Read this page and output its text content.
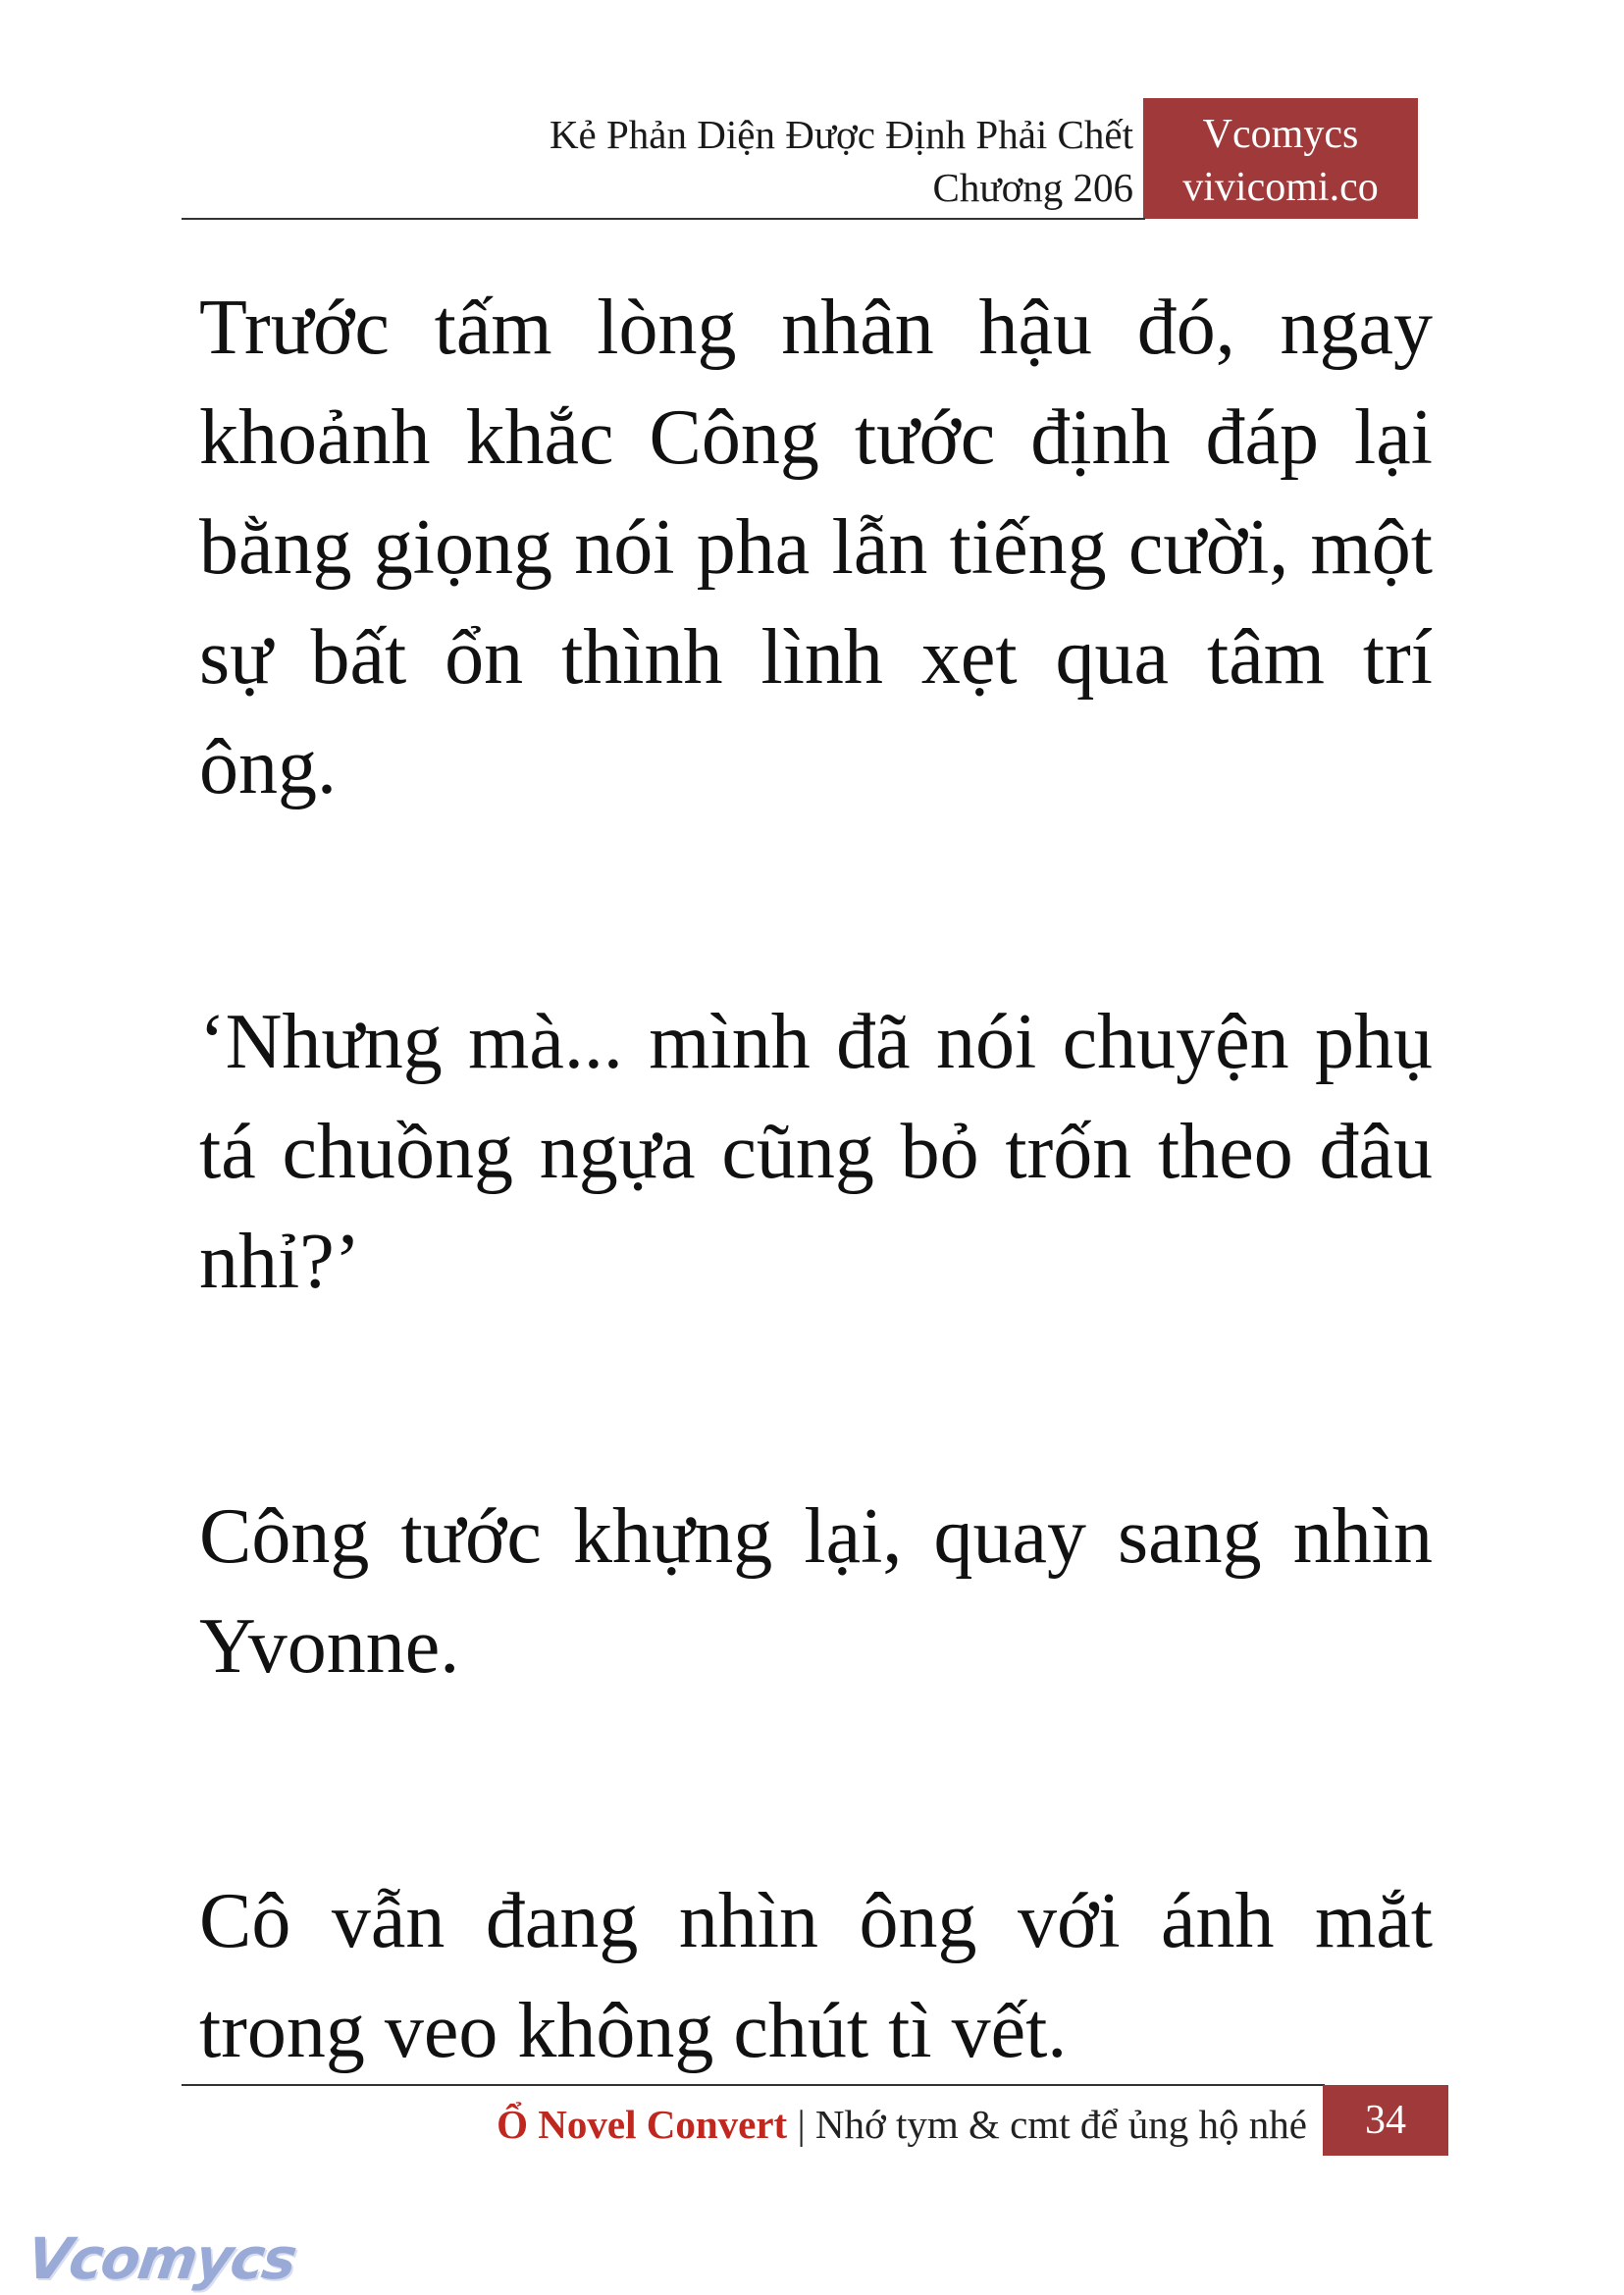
Kẻ Phản Diện Được Định Phải Chết
Chương 206
Vcomycs
vivicomi.co

Trước tấm lòng nhân hậu đó, ngay khoảnh khắc Công tước định đáp lại bằng giọng nói pha lẫn tiếng cười, một sự bất ổn thình lình xẹt qua tâm trí ông.

‘Nhưng mà... mình đã nói chuyện phụ tá chuồng ngựa cũng bỏ trốn theo đâu nhỉ?’

Công tước khựng lại, quay sang nhìn Yvonne.

Cô vẫn đang nhìn ông với ánh mắt trong veo không chút tì vết.

Ổ Novel Convert | Nhớ tym & cmt để ủng hộ nhé	34
Vcomycs
